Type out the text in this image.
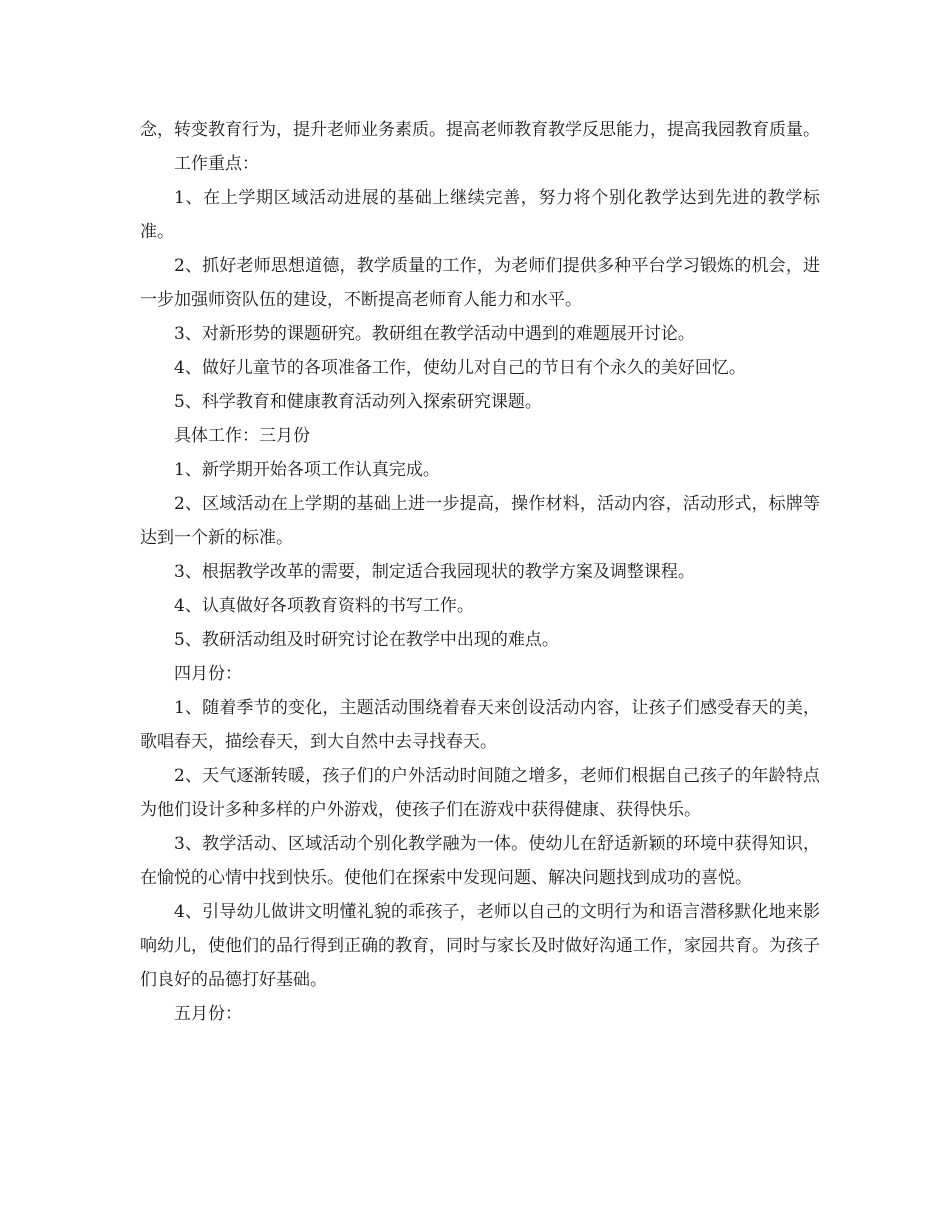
念，转变教育行为，提升老师业务素质。提高老师教育教学反思能力，提高我园教育质量。

工作重点：

1、在上学期区域活动进展的基础上继续完善，努力将个别化教学达到先进的教学标准。

2、抓好老师思想道德，教学质量的工作，为老师们提供多种平台学习锻炼的机会，进一步加强师资队伍的建设，不断提高老师育人能力和水平。

3、对新形势的课题研究。教研组在教学活动中遇到的难题展开讨论。

4、做好儿童节的各项准备工作，使幼儿对自己的节日有个永久的美好回忆。

5、科学教育和健康教育活动列入探索研究课题。

具体工作：三月份

1、新学期开始各项工作认真完成。

2、区域活动在上学期的基础上进一步提高，操作材料，活动内容，活动形式，标牌等达到一个新的标准。

3、根据教学改革的需要，制定适合我园现状的教学方案及调整课程。

4、认真做好各项教育资料的书写工作。

5、教研活动组及时研究讨论在教学中出现的难点。

四月份：

1、随着季节的变化，主题活动围绕着春天来创设活动内容，让孩子们感受春天的美，歌唱春天，描绘春天，到大自然中去寻找春天。

2、天气逐渐转暖，孩子们的户外活动时间随之增多，老师们根据自己孩子的年龄特点为他们设计多种多样的户外游戏，使孩子们在游戏中获得健康、获得快乐。

3、教学活动、区域活动个别化教学融为一体。使幼儿在舒适新颖的环境中获得知识，在愉悦的心情中找到快乐。使他们在探索中发现问题、解决问题找到成功的喜悦。

4、引导幼儿做讲文明懂礼貌的乖孩子，老师以自己的文明行为和语言潜移默化地来影响幼儿，使他们的品行得到正确的教育，同时与家长及时做好沟通工作，家园共育。为孩子们良好的品德打好基础。

五月份：
